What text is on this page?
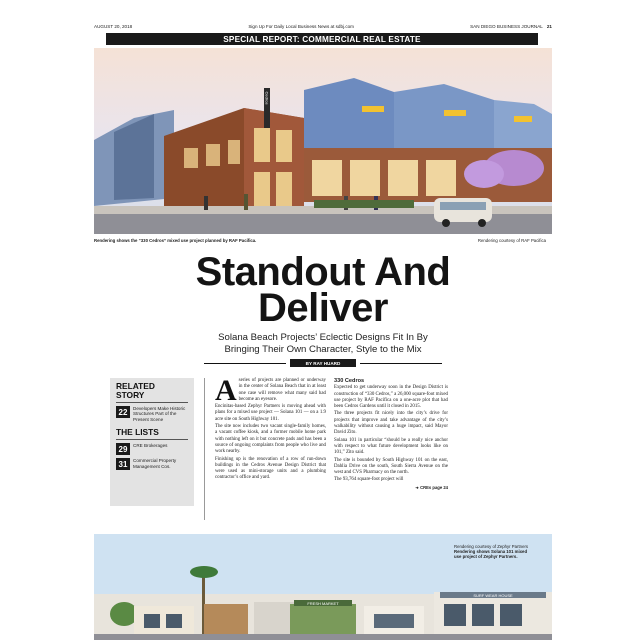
AUGUST 20, 2018	Sign Up For Daily Local Business News at sdbj.com	SAN DIEGO BUSINESS JOURNAL 21
SPECIAL REPORT: COMMERCIAL REAL ESTATE
Cedros
Rendering shows the “330 Cedros” mixed use project planned by RAF Pacifica.	Rendering courtesy of RAF Pacifica
Standout And
Deliver
Solana Beach Projects’ Eclectic Designs Fit In By
Bringing Their Own Character, Style to the Mix
BY RAY HUARD
RELATED
STORY
22	Developers Make Historic Structures Part of the Present Scene
THE LISTS
29	CRE Brokerages
31	Commercial Property Management Cos.

Aseries of projects are planned or underway in the center of Solana Beach that in at least one case will remove what many said had become an eyesore.

Encinitas-based Zephyr Partners is moving ahead with plans for a mixed use project — Solana 101 — on a 1.9 acre site on South Highway 101.

The site now includes two vacant single-family homes, a vacant coffee kiosk, and a former mobile home park with nothing left on it but concrete pads and has been a source of ongoing complaints from people who live and work nearby.

Finishing up is the renovation of a row of run-down buildings in the Cedros Avenue Design District that were used as mini-storage units and a plumbing contractor’s office and yard.

330 Cedros

Expected to get underway soon in the Design District is construction of “330 Cedros,” a 26,000 square-foot mixed use project by RAF Pacifica on a one-acre plot that had been Cedros Gardens until it closed in 2015.

The three projects fit nicely into the city’s drive for projects that improve and take advantage of the city’s walkability without causing a huge impact, said Mayor David Zito.

Solana 101 in particular “should be a really nice anchor with respect to what future development looks like on 101,” Zito said.

The site is bounded by South Highway 101 on the east, Dahlia Drive on the south, South Sierra Avenue on the west and CVS Pharmacy on the north.

The 93,764 square-foot project will

➜ CREs page 24
FRESH MARKET
SURF WEAR HOUSE
Rendering courtesy of Zephyr Partners
Rendering shows Solana 101 mixed
use project of Zephyr Partners.
